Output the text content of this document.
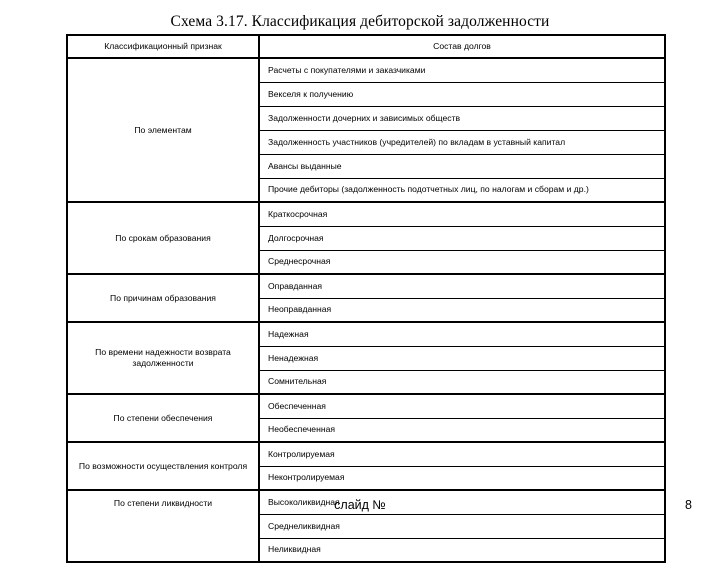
Схема 3.17. Классификация дебиторской задолженности
Классификационный признак	Состав долгов
По элементам	Расчеты с покупателями и заказчиками
	Векселя к получению
	Задолженности дочерних и зависимых обществ
	Задолженность участников (учредителей) по вкладам в уставный капитал
	Авансы выданные
	Прочие дебиторы (задолженность подотчетных лиц, по налогам и сборам и др.)
По срокам образования	Краткосрочная
	Долгосрочная
	Среднесрочная
По причинам образования	Оправданная
	Неоправданная
По времени надежности возврата задолженности	Надежная
	Ненадежная
	Сомнительная
По степени обеспечения	Обеспеченная
	Необеспеченная
По возможности осуществления контроля	Контролируемая
	Неконтролируемая
По степени ликвидности	Высоколиквидная
	Среднеликвидная
	Неликвидная
слайд №	8
